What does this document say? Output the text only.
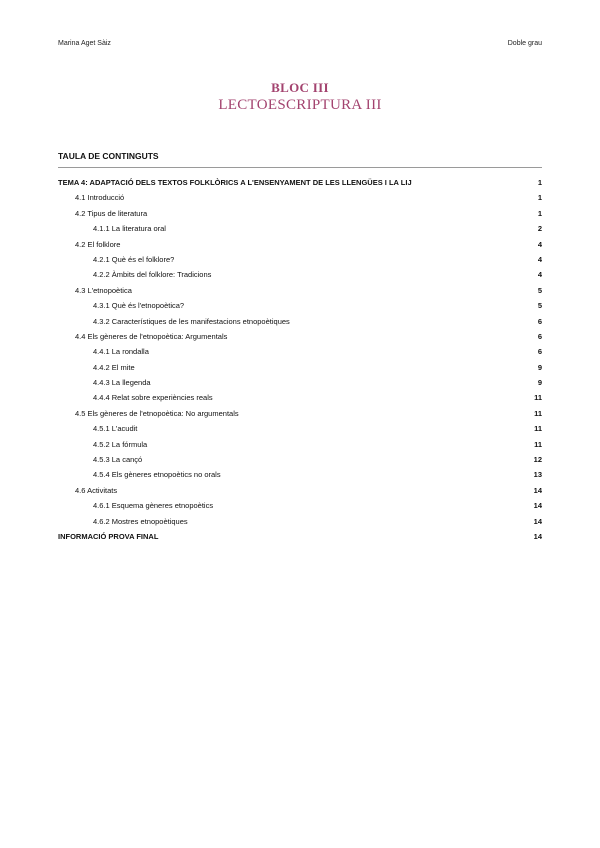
Marina Aget Sàiz	Doble grau
BLOC III
LECTOESCRIPTURA III
TAULA DE CONTINGUTS
TEMA 4: ADAPTACIÓ DELS TEXTOS FOLKLÒRICS A L'ENSENYAMENT DE LES LLENGÜES I LA LIJ	1
4.1 Introducció	1
4.2 Tipus de literatura	1
4.1.1 La literatura oral	2
4.2 El folklore	4
4.2.1 Què és el folklore?	4
4.2.2 Àmbits del folklore: Tradicions	4
4.3 L'etnopoètica	5
4.3.1 Què és l'etnopoètica?	5
4.3.2 Característiques de les manifestacions etnopoètiques	6
4.4 Els gèneres de l'etnopoètica: Argumentals	6
4.4.1 La rondalla	6
4.4.2 El mite	9
4.4.3 La llegenda	9
4.4.4 Relat sobre experiències reals	11
4.5 Els gèneres de l'etnopoètica: No argumentals	11
4.5.1 L'acudit	11
4.5.2 La fórmula	11
4.5.3 La cançó	12
4.5.4 Els gèneres etnopoètics no orals	13
4.6 Activitats	14
4.6.1 Esquema gèneres etnopoètics	14
4.6.2 Mostres etnopoètiques	14
INFORMACIÓ PROVA FINAL	14
